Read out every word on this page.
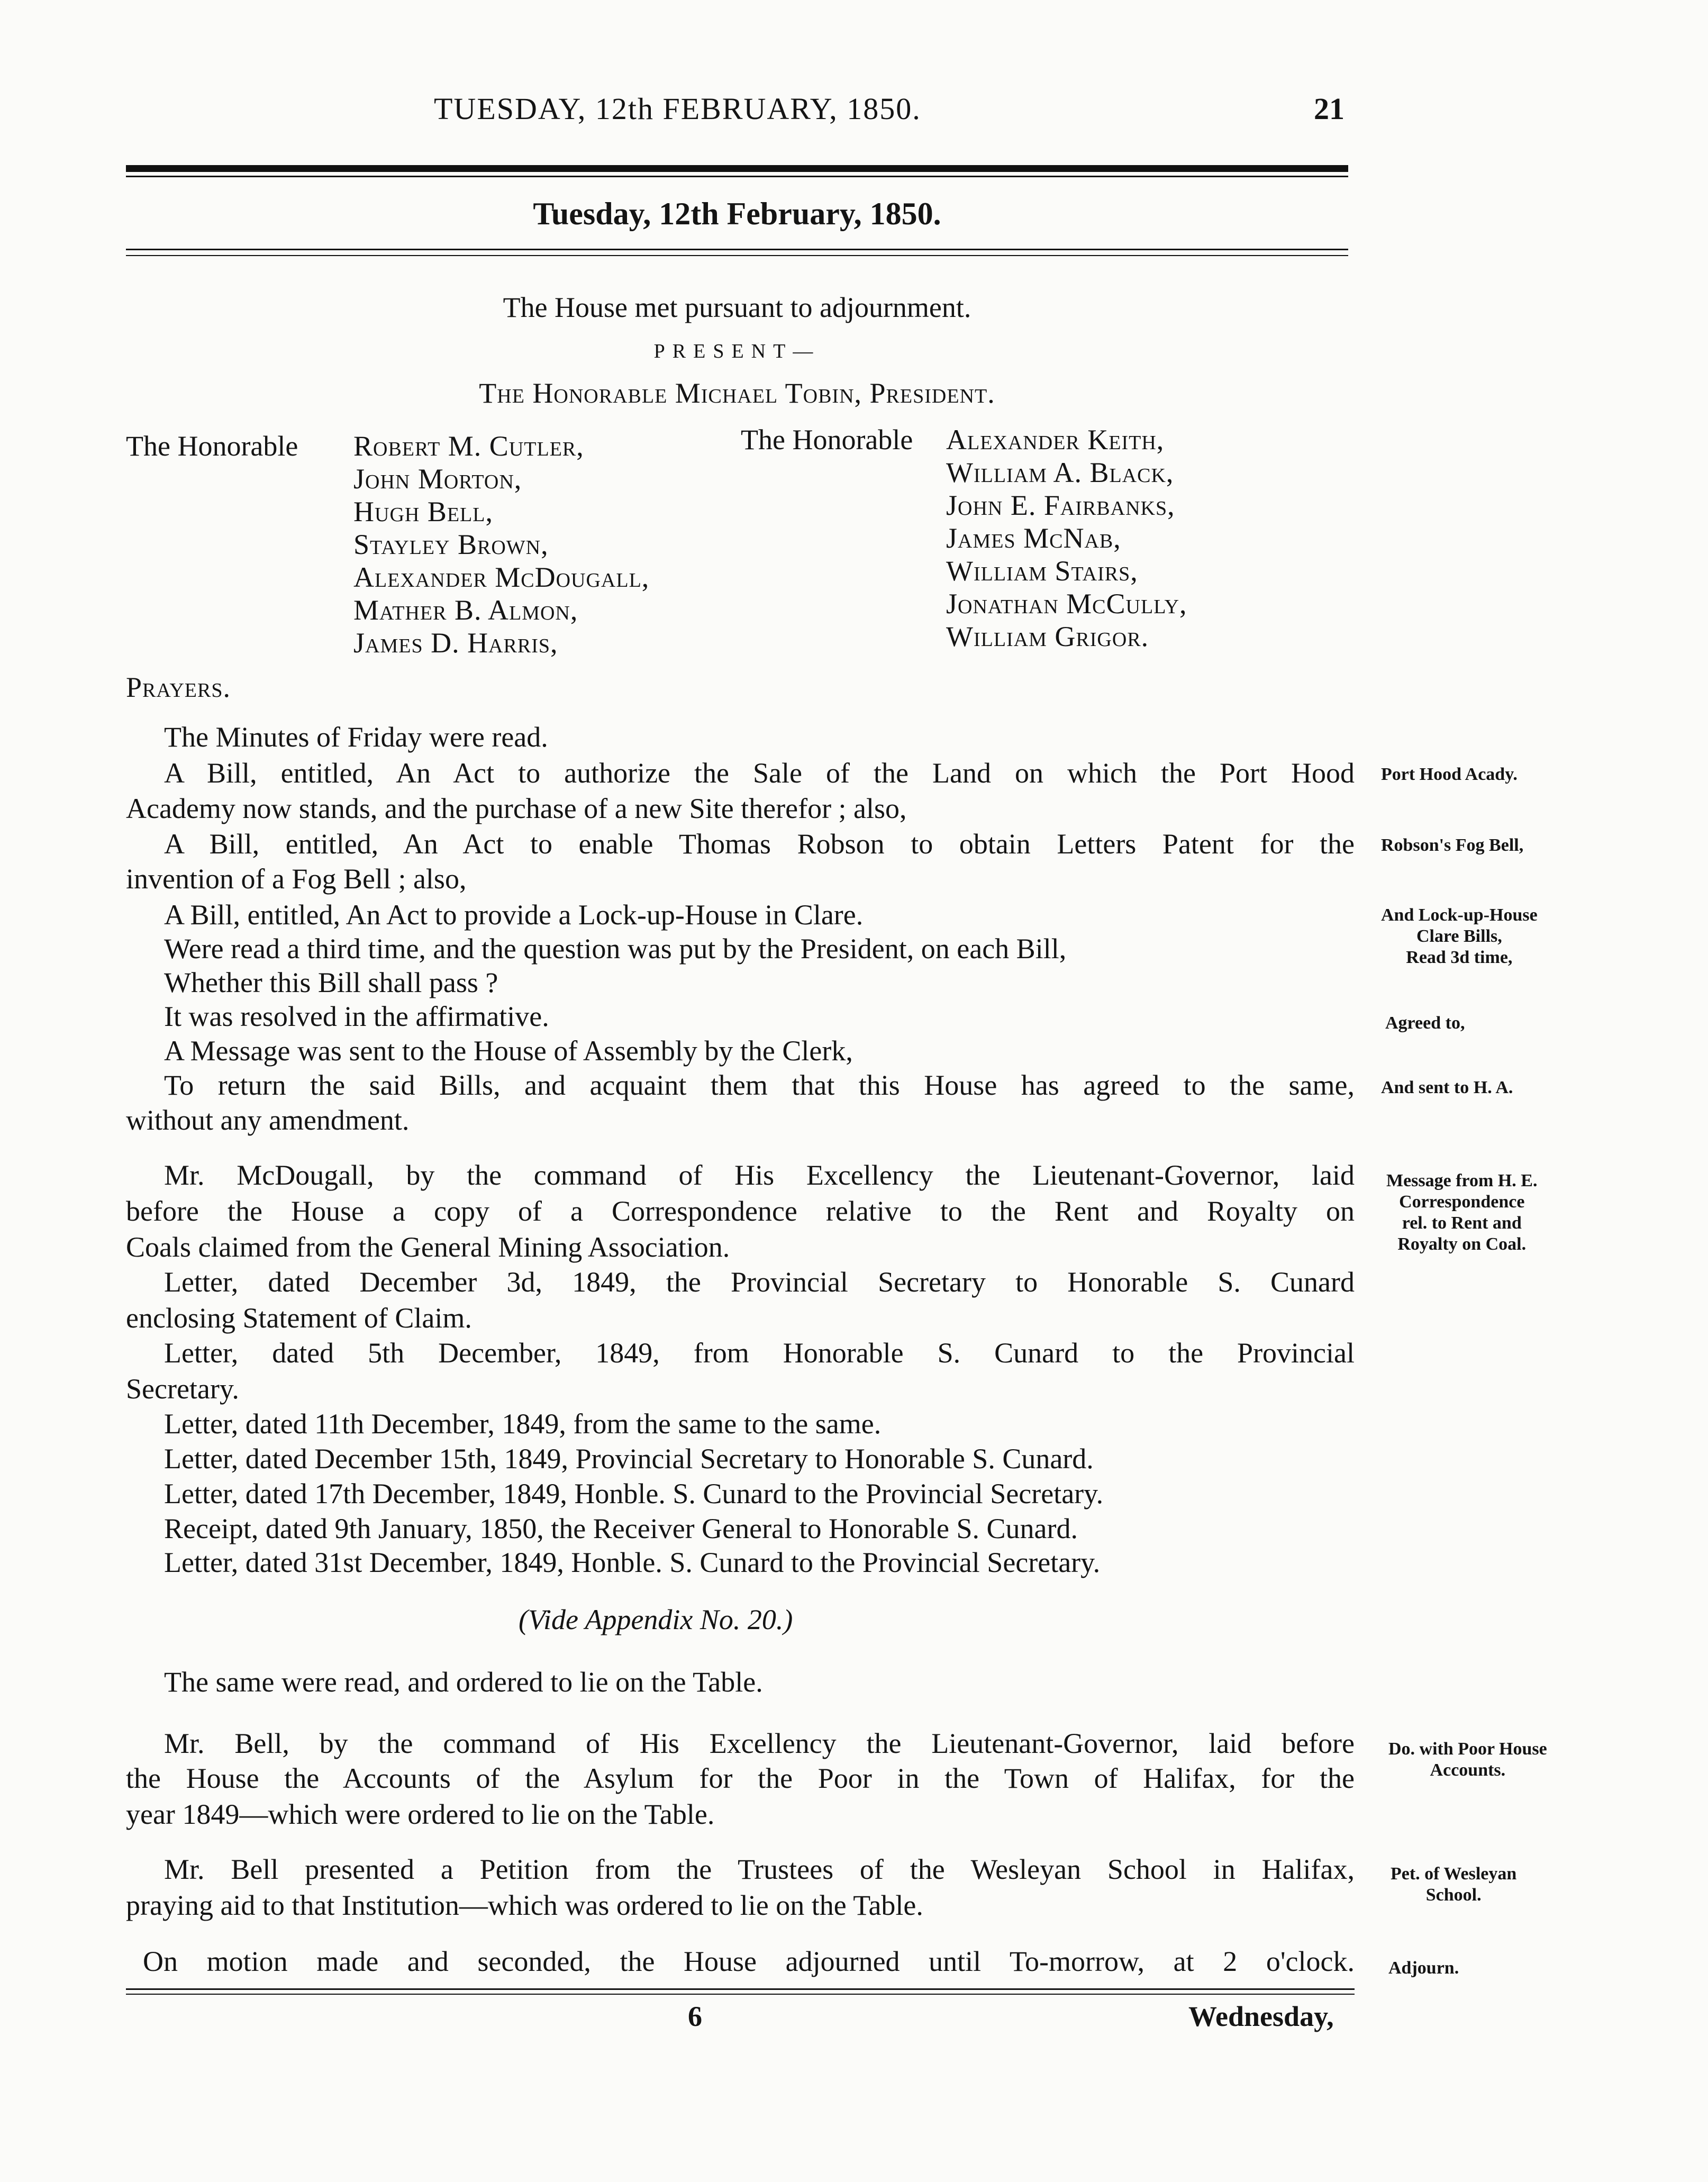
TUESDAY, 12th FEBRUARY, 1850.	21
Tuesday, 12th February, 1850.
The House met pursuant to adjournment.
PRESENT—
The Honorable Michael Tobin, President.
The Honorable Robert M. Cutler,
John Morton,
Hugh Bell,
Stayley Brown,
Alexander McDougall,
Mather B. Almon,
James D. Harris,
The Honorable Alexander Keith,
William A. Black,
John E. Fairbanks,
James McNab,
William Stairs,
Jonathan McCully,
William Grigor.
Prayers.
The Minutes of Friday were read.
A Bill, entitled, An Act to authorize the Sale of the Land on which the Port Hood
Academy now stands, and the purchase of a new Site therefor ; also,
A Bill, entitled, An Act to enable Thomas Robson to obtain Letters Patent for the
invention of a Fog Bell ; also,
A Bill, entitled, An Act to provide a Lock-up-House in Clare.
Were read a third time, and the question was put by the President, on each Bill,
Whether this Bill shall pass ?
It was resolved in the affirmative.
A Message was sent to the House of Assembly by the Clerk,
To return the said Bills, and acquaint them that this House has agreed to the same,
without any amendment.
Mr. McDougall, by the command of His Excellency the Lieutenant-Governor, laid
before the House a copy of a Correspondence relative to the Rent and Royalty on
Coals claimed from the General Mining Association.
Letter, dated December 3d, 1849, the Provincial Secretary to Honorable S. Cunard
enclosing Statement of Claim.
Letter, dated 5th December, 1849, from Honorable S. Cunard to the Provincial
Secretary.
Letter, dated 11th December, 1849, from the same to the same.
Letter, dated December 15th, 1849, Provincial Secretary to Honorable S. Cunard.
Letter, dated 17th December, 1849, Honble. S. Cunard to the Provincial Secretary.
Receipt, dated 9th January, 1850, the Receiver General to Honorable S. Cunard.
Letter, dated 31st December, 1849, Honble. S. Cunard to the Provincial Secretary.
(Vide Appendix No. 20.)
The same were read, and ordered to lie on the Table.
Mr. Bell, by the command of His Excellency the Lieutenant-Governor, laid before
the House the Accounts of the Asylum for the Poor in the Town of Halifax, for the
year 1849—which were ordered to lie on the Table.
Mr. Bell presented a Petition from the Trustees of the Wesleyan School in Halifax,
praying aid to that Institution—which was ordered to lie on the Table.
On motion made and seconded, the House adjourned until To-morrow, at 2 o'clock.
Port Hood Acady.
Robson's Fog Bell,
And Lock-up-House
Clare Bills,
Read 3d time,
Agreed to,
And sent to H. A.
Message from H. E.
Correspondence
rel. to Rent and
Royalty on Coal.
Do. with Poor House
Accounts.
Pet. of Wesleyan
School.
Adjourn.
6	Wednesday,
